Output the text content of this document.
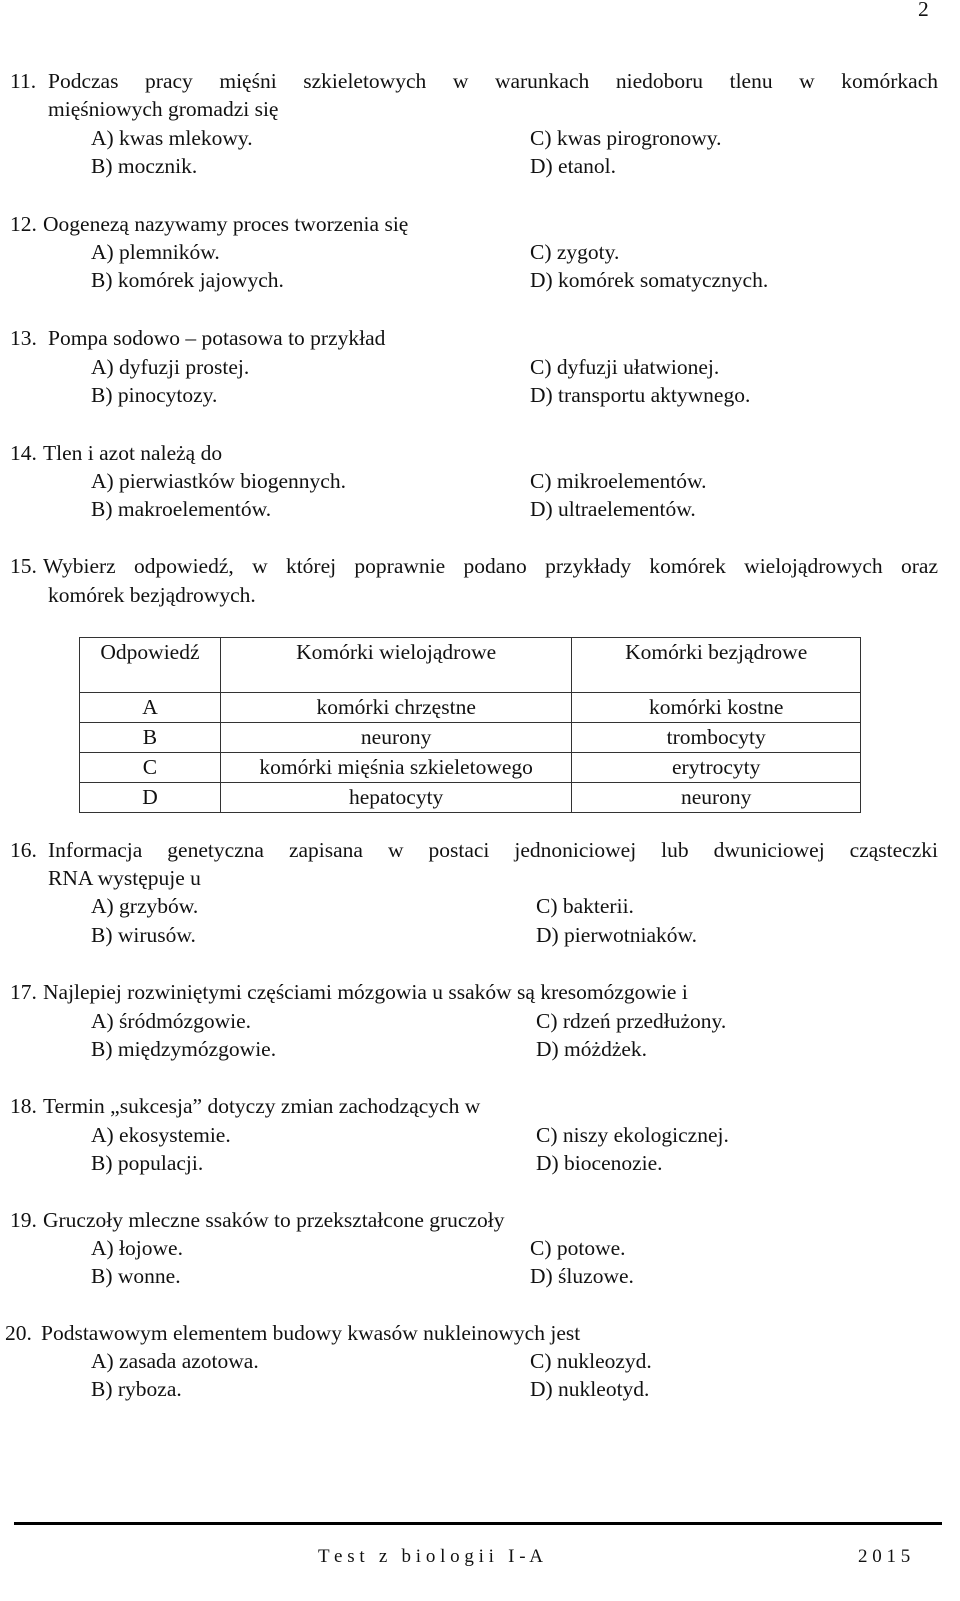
2
11. Podczas pracy mięśni szkieletowych w warunkach niedoboru tlenu w komórkach
mięśniowych gromadzi się
A) kwas mlekowy.	C) kwas pirogronowy.
B) mocznik.	D) etanol.
12. Oogenezą nazywamy proces tworzenia się
A) plemników.	C) zygoty.
B) komórek jajowych.	D) komórek somatycznych.
13. Pompa sodowo – potasowa to przykład
A) dyfuzji prostej.	C) dyfuzji ułatwionej.
B) pinocytozy.	D) transportu aktywnego.
14. Tlen i azot należą do
A) pierwiastków biogennych.	C) mikroelementów.
B) makroelementów.	D) ultraelementów.
15. Wybierz odpowiedź, w której poprawnie podano przykłady komórek wielojądrowych oraz
komórek bezjądrowych.
Odpowiedź	Komórki wielojądrowe	Komórki bezjądrowe
A	komórki chrzęstne	komórki kostne
B	neurony	trombocyty
C	komórki mięśnia szkieletowego	erytrocyty
D	hepatocyty	neurony
16. Informacja genetyczna zapisana w postaci jednoniciowej lub dwuniciowej cząsteczki
RNA występuje u
A) grzybów.	C) bakterii.
B) wirusów.	D) pierwotniaków.
17. Najlepiej rozwiniętymi częściami mózgowia u ssaków są kresomózgowie i
A) śródmózgowie.	C) rdzeń przedłużony.
B) międzymózgowie.	D) móżdżek.
18. Termin „sukcesja” dotyczy zmian zachodzących w
A) ekosystemie.	C) niszy ekologicznej.
B) populacji.	D) biocenozie.
19. Gruczoły mleczne ssaków to przekształcone gruczoły
A) łojowe.	C) potowe.
B) wonne.	D) śluzowe.
20. Podstawowym elementem budowy kwasów nukleinowych jest
A) zasada azotowa.	C) nukleozyd.
B) ryboza.	D) nukleotyd.
T e s t   z   b i o l o g i i   I - A	2 0 1 5
